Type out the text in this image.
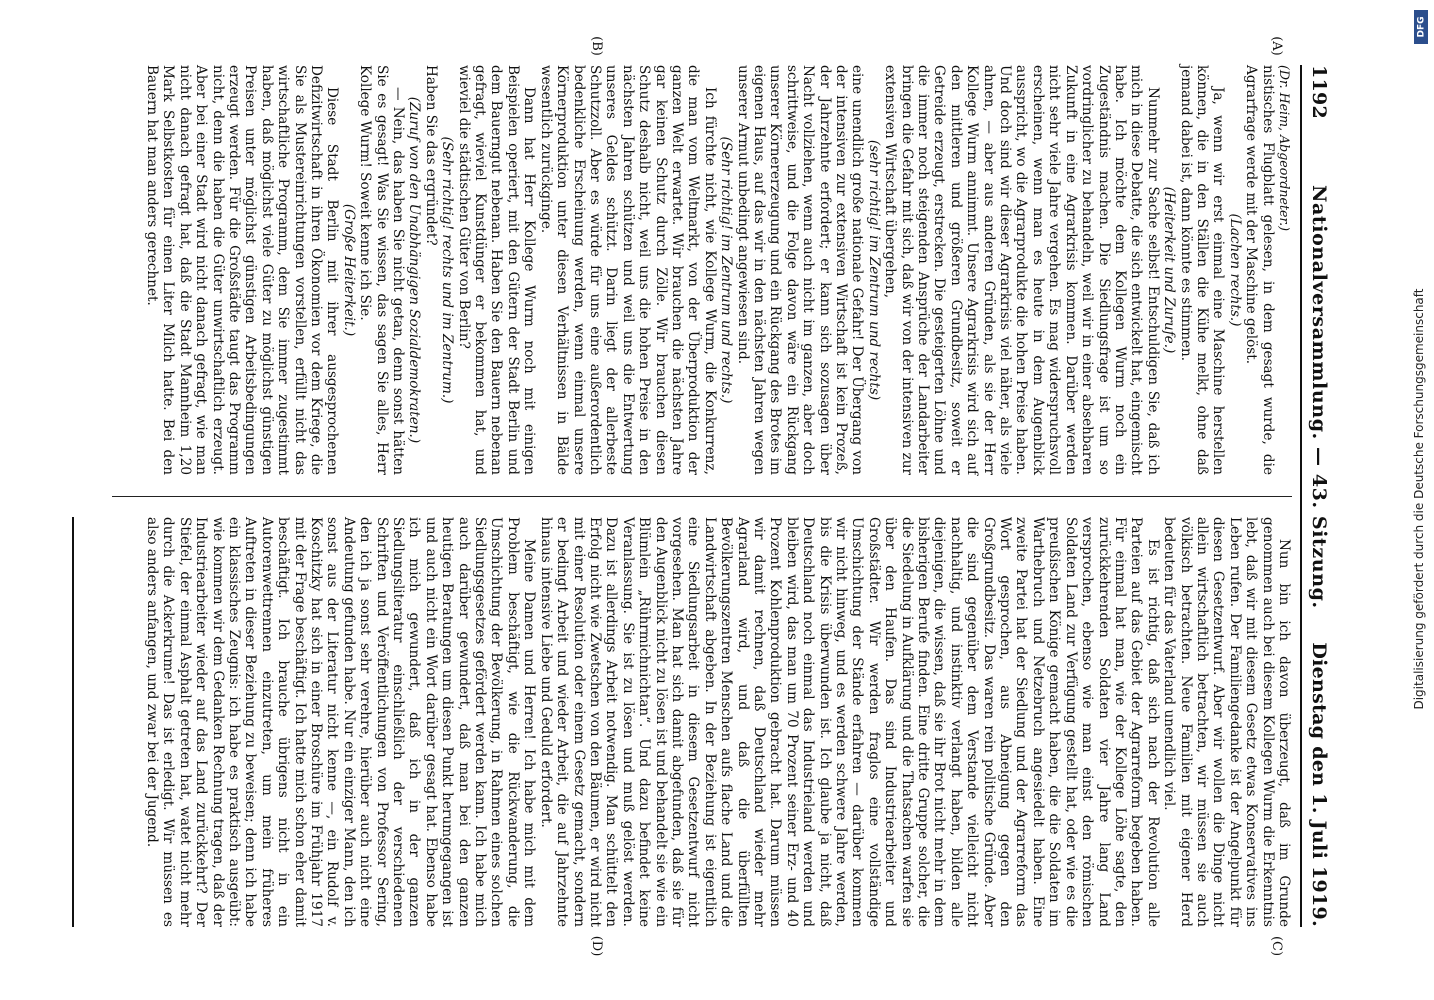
1192
Nationalversammlung. — 43. Sitzung.
Dienstag den 1. Juli 1919.
(A)
(B)
(C)
(D)

(Dr. Heim, Abgeordneter.)

nistisches Flugblatt gelesen, in dem gesagt wurde, die Agrarfrage werde mit der Maschine gelöst.

(Lachen rechts.)

Ja, wenn wir erst einmal eine Maschine herstellen können, die in den Ställen die Kühe melkt, ohne daß jemand dabei ist, dann könnte es stimmen.

(Heiterkeit und Zurufe.)

Nunmehr zur Sache selbst! Entschuldigen Sie, daß ich mich in diese Debatte, die sich entwickelt hat, eingemischt habe. Ich möchte dem Kollegen Wurm noch ein Zugeständnis machen. Die Siedlungsfrage ist um so vordringlicher zu behandeln, weil wir in einer absehbaren Zukunft in eine Agrarkrisis kommen. Darüber werden nicht sehr viele Jahre vergehen. Es mag widerspruchsvoll erscheinen, wenn man es heute in dem Augenblick ausspricht, wo die Agrarprodukte die hohen Preise haben. Und doch sind wir dieser Agrarkrisis viel näher, als viele ahnen, — aber aus anderen Gründen, als sie der Herr Kollege Wurm annimmt. Unsere Agrarkrisis wird sich auf den mittleren und größeren Grundbesitz, soweit er Getreide erzeugt, erstrecken. Die gesteigerten Löhne und die immer noch steigenden Ansprüche der Landarbeiter bringen die Gefahr mit sich, daß wir von der intensiven zur extensiven Wirtschaft übergehen,

(sehr richtig! im Zentrum und rechts)

eine unendlich große nationale Gefahr! Der Übergang von der intensiven zur extensiven Wirtschaft ist kein Prozeß, der Jahrzehnte erfordert; er kann sich sozusagen über Nacht vollziehen, wenn auch nicht im ganzen, aber doch schrittweise, und die Folge davon wäre ein Rückgang unserer Körnererzeugung und ein Rückgang des Brotes im eigenen Haus, auf das wir in den nächsten Jahren wegen unserer Armut unbedingt angewiesen sind.

(Sehr richtig! im Zentrum und rechts.)

Ich fürchte nicht, wie Kollege Wurm, die Konkurrenz, die man vom Weltmarkt, von der Überproduktion der ganzen Welt erwartet. Wir brauchen die nächsten Jahre gar keinen Schutz durch Zölle. Wir brauchen diesen Schutz deshalb nicht, weil uns die hohen Preise in den nächsten Jahren schützen und weil uns die Entwertung unseres Geldes schützt. Darin liegt der allerbeste Schutzzoll. Aber es würde für uns eine außerordentlich bedenkliche Erscheinung werden, wenn einmal unsere Körnerproduktion unter diesen Verhältnissen in Bälde wesentlich zurückginge.

Dann hat Herr Kollege Wurm noch mit einigen Beispielen operiert, mit den Gütern der Stadt Berlin und dem Bauerngut nebenan. Haben Sie den Bauern nebenan gefragt, wieviel Kunstdünger er bekommen hat, und wieviel die städtischen Güter von Berlin?

(Sehr richtig! rechts und im Zentrum.)

Haben Sie das ergründet?

(Zuruf von den Unabhängigen Sozialdemokraten.)

— Nein, das haben Sie nicht getan, denn sonst hätten Sie es gesagt! Was Sie wissen, das sagen Sie alles, Herr Kollege Wurm! Soweit kenne ich Sie.

(Große Heiterkeit.)

Diese Stadt Berlin mit ihrer ausgesprochenen Defizitwirtschaft in ihren Ökonomien vor dem Kriege, die Sie als Mustereinrichtungen vorstellen, erfüllt nicht das wirtschaftliche Programm, dem Sie immer zugestimmt haben, daß möglichst viele Güter zu möglichst günstigen Preisen unter möglichst günstigen Arbeitsbedingungen erzeugt werden. Für die Großstädte taugt das Programm nicht, denn die haben die Güter unwirtschaftlich erzeugt. Aber bei einer Stadt wird nicht danach gefragt, wie man nicht danach gefragt hat, daß die Stadt Mannheim 1,20 Mark Selbstkosten für einen Liter Milch hatte. Bei den Bauern hat man anders gerechnet.

Nun bin ich davon überzeugt, daß im Grunde genommen auch bei diesem Kollegen Wurm die Erkenntnis lebt, daß wir mit diesem Gesetz etwas Konservatives ins Leben rufen. Der Familiengedanke ist der Angelpunkt für diesen Gesetzentwurf. Aber wir wollen die Dinge nicht allein wirtschaftlich betrachten, wir müssen sie auch völkisch betrachten. Neue Familien mit eigener Herd bedeuten für das Vaterland unendlich viel.

Es ist richtig, daß sich nach der Revolution alle Parteien auf das Gebiet der Agrarreform begeben haben. Für einmal hat man, wie der Kollege Löhe sagte, den zurückkehrenden Soldaten vier Jahre lang Land versprochen, ebenso wie man einst den römischen Soldaten Land zur Verfügung gestellt hat, oder wie es die preußischen Könige gemacht haben, die die Soldaten im Warthebruch und Netzebruch angesiedelt haben. Eine zweite Partei hat der Siedlung und der Agrarreform das Wort gesprochen, aus Abneigung gegen den Großgrundbesitz. Das waren rein politische Gründe. Aber die sind gegenüber dem Verstande vielleicht nicht nachhaltig, und instinktiv verlangt haben, bilden alle diejenigen, die wissen, daß sie ihr Brot nicht mehr in dem bisherigen Berufe finden. Eine dritte Gruppe solcher, die die Siedelung in Aufklärung und die Thatsachen warfen sie über den Haufen. Das sind Industriearbeiter und Großstädter. Wir werden fraglos eine vollständige Umschichtung der Stände erfahren — darüber kommen wir nicht hinweg, und es werden schwere Jahre werden, bis die Krisis überwunden ist. Ich glaube ja nicht, daß Deutschland noch einmal das Industrieland werden und bleiben wird, das man um 70 Prozent seiner Erz- und 40 Prozent Kohlenproduktion gebracht hat. Darum müssen wir damit rechnen, daß Deutschland wieder mehr Agrarland wird, und daß die überfüllten Bevölkerungszentren Menschen aufs flache Land und die Landwirtschaft abgeben. In der Beziehung ist eigentlich eine Siedlungsarbeit in diesem Gesetzentwurf nicht vorgesehen. Man hat sich damit abgefunden, daß sie für den Augenblick nicht zu lösen ist und behandelt sie wie ein Blümlein „Rührmichnichtan“. Und dazu befindet keine Veranlassung. Sie ist zu lösen und muß gelöst werden. Dazu ist allerdings Arbeit notwendig. Man schüttelt den Erfolg nicht wie Zwetschen von den Bäumen, er wird nicht mit einer Resolution oder einem Gesetz gemacht, sondern er bedingt Arbeit und wieder Arbeit, die auf Jahrzehnte hinaus intensive Liebe und Geduld erfordert.

Meine Damen und Herren! Ich habe mich mit dem Problem beschäftigt, wie die Rückwanderung, die Umschichtung der Bevölkerung, in Rahmen eines solchen Siedlungsgesetzes gefördert werden kann. Ich habe mich auch darüber gewundert, daß man bei den ganzen heutigen Beratungen um diesen Punkt herumgegangen ist und auch nicht ein Wort darüber gesagt hat. Ebenso habe ich mich gewundert, daß ich in der ganzen Siedlungsliteratur einschließlich der verschiedenen Schriften und Veröffentlichungen von Professor Sering, den ich ja sonst sehr verehre, hierüber auch nicht eine Andeutung gefunden habe. Nur ein einziger Mann, den ich sonst aus der Literatur nicht kenne —, ein Rudolf v. Koschitzky hat sich in einer Broschüre im Frühjahr 1917 mit der Frage beschäftigt. Ich hatte mich schon eher damit beschäftigt. Ich brauche übrigens nicht in ein Autorenwettrennen einzutreten, um mein früheres Auftreten in dieser Beziehung zu beweisen; denn ich habe ein klassisches Zeugnis: ich habe es praktisch ausgeübt: wie kommen wir dem Gedanken Rechnung tragen, daß der Industriearbeiter wieder auf das Land zurückkehrt? Der Stiefel, der einmal Asphalt getreten hat, watet nicht mehr durch die Ackerkrume! Das ist erledigt. Wir müssen es also anders anfangen, und zwar bei der Jugend.	Digitalisierung gefördert durch die Deutsche Forschungsgemeinschaft
DFG
